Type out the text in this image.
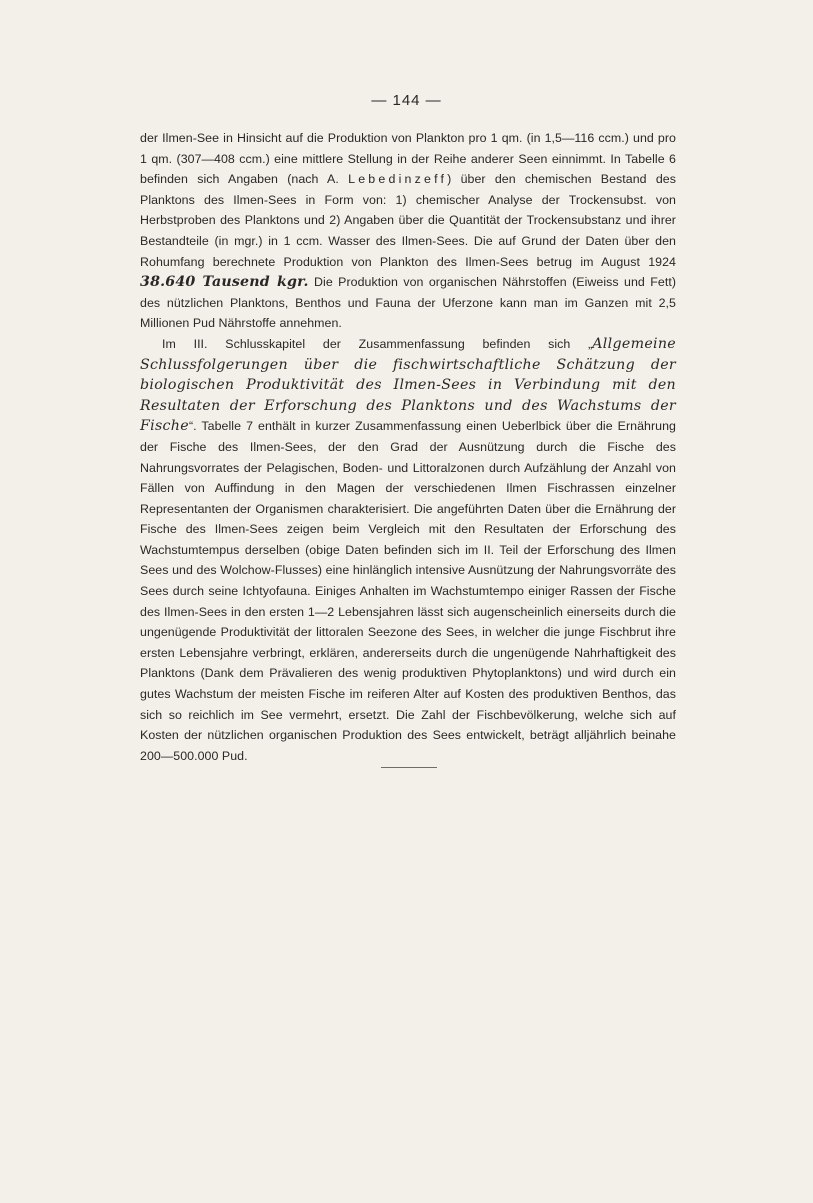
— 144 —

der Ilmen-See in Hinsicht auf die Produktion von Plankton pro 1 qm. (in 1,5—116 ccm.) und pro 1 qm. (307—408 ccm.) eine mittlere Stellung in der Reihe anderer Seen einnimmt. In Tabelle 6 befinden sich Angaben (nach A. Lebedinzeff) über den chemischen Bestand des Planktons des Ilmen-Sees in Form von: 1) chemischer Analyse der Trockensubst. von Herbstproben des Planktons und 2) Angaben über die Quantität der Trockensubstanz und ihrer Bestandteile (in mgr.) in 1 ccm. Wasser des Ilmen-Sees. Die auf Grund der Daten über den Rohumfang berechnete Produktion von Plankton des Ilmen-Sees betrug im August 1924 38.640 Tausend kgr. Die Produktion von organischen Nährstoffen (Eiweiss und Fett) des nützlichen Planktons, Benthos und Fauna der Uferzone kann man im Ganzen mit 2,5 Millionen Pud Nährstoffe annehmen.

Im III. Schlusskapitel der Zusammenfassung befinden sich „Allgemeine Schlussfolgerungen über die fischwirtschaftliche Schätzung der biologischen Produktivität des Ilmen-Sees in Verbindung mit den Resultaten der Erforschung des Planktons und des Wachstums der Fische“. Tabelle 7 enthält in kurzer Zusammenfassung einen Ueberlbick über die Ernährung der Fische des Ilmen-Sees, der den Grad der Ausnützung durch die Fische des Nahrungsvorrates der Pelagischen, Boden- und Littoralzonen durch Aufzählung der Anzahl von Fällen von Auffindung in den Magen der verschiedenen Ilmen Fischrassen einzelner Representanten der Organismen charakterisiert. Die angeführten Daten über die Ernährung der Fische des Ilmen-Sees zeigen beim Vergleich mit den Resultaten der Erforschung des Wachstumtempus derselben (obige Daten befinden sich im II. Teil der Erforschung des Ilmen Sees und des Wolchow-Flusses) eine hinlänglich intensive Ausnützung der Nahrungsvorräte des Sees durch seine Ichtyofauna. Einiges Anhalten im Wachstumtempo einiger Rassen der Fische des Ilmen-Sees in den ersten 1—2 Lebensjahren lässt sich augenscheinlich einerseits durch die ungenügende Produktivität der littoralen Seezone des Sees, in welcher die junge Fischbrut ihre ersten Lebensjahre verbringt, erklären, andererseits durch die ungenügende Nahrhaftigkeit des Planktons (Dank dem Prävalieren des wenig produktiven Phytoplanktons) und wird durch ein gutes Wachstum der meisten Fische im reiferen Alter auf Kosten des produktiven Benthos, das sich so reichlich im See vermehrt, ersetzt. Die Zahl der Fischbevölkerung, welche sich auf Kosten der nützlichen organischen Produktion des Sees entwickelt, beträgt alljährlich beinahe 200—500.000 Pud.
